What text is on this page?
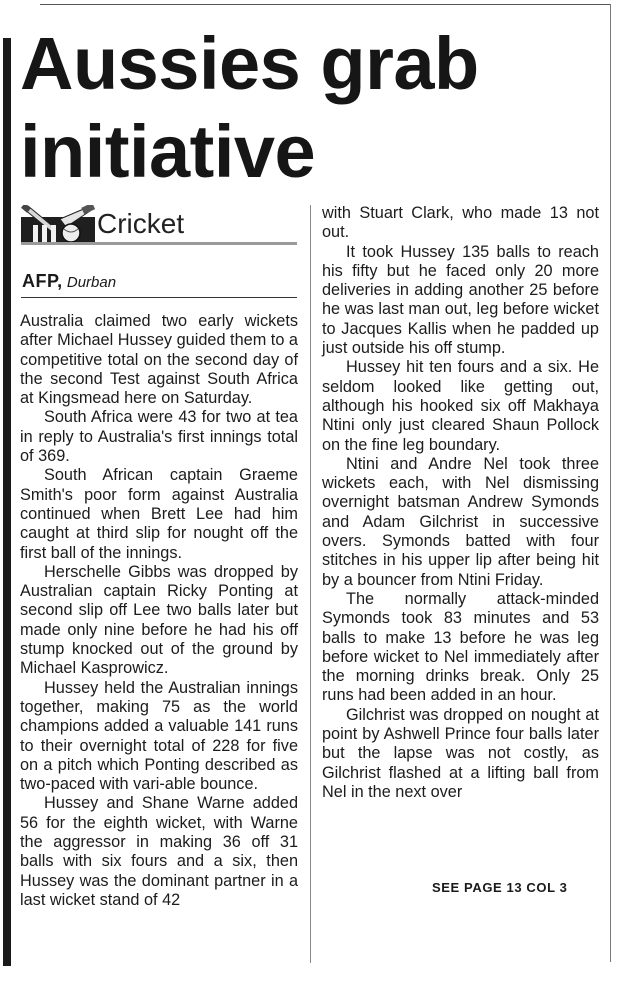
Aussies grab
initiative
Cricket
AFP, Durban

Australia claimed two early wickets after Michael Hussey guided them to a competitive total on the second day of the second Test against South Africa at Kingsmead here on Saturday.

South Africa were 43 for two at tea in reply to Australia's first innings total of 369.

South African captain Graeme Smith's poor form against Australia continued when Brett Lee had him caught at third slip for nought off the first ball of the innings.

Herschelle Gibbs was dropped by Australian captain Ricky Ponting at second slip off Lee two balls later but made only nine before he had his off stump knocked out of the ground by Michael Kasprowicz.

Hussey held the Australian innings together, making 75 as the world champions added a valuable 141 runs to their overnight total of 228 for five on a pitch which Ponting described as two-paced with vari-able bounce.

Hussey and Shane Warne added 56 for the eighth wicket, with Warne the aggressor in making 36 off 31 balls with six fours and a six, then Hussey was the dominant partner in a last wicket stand of 42

with Stuart Clark, who made 13 not out.

It took Hussey 135 balls to reach his fifty but he faced only 20 more deliveries in adding another 25 before he was last man out, leg before wicket to Jacques Kallis when he padded up just outside his off stump.

Hussey hit ten fours and a six. He seldom looked like getting out, although his hooked six off Makhaya Ntini only just cleared Shaun Pollock on the fine leg boundary.

Ntini and Andre Nel took three wickets each, with Nel dismissing overnight batsman Andrew Symonds and Adam Gilchrist in successive overs. Symonds batted with four stitches in his upper lip after being hit by a bouncer from Ntini Friday.

The normally attack-minded Symonds took 83 minutes and 53 balls to make 13 before he was leg before wicket to Nel immediately after the morning drinks break. Only 25 runs had been added in an hour.

Gilchrist was dropped on nought at point by Ashwell Prince four balls later but the lapse was not costly, as Gilchrist flashed at a lifting ball from Nel in the next over

SEE PAGE 13 COL 3
